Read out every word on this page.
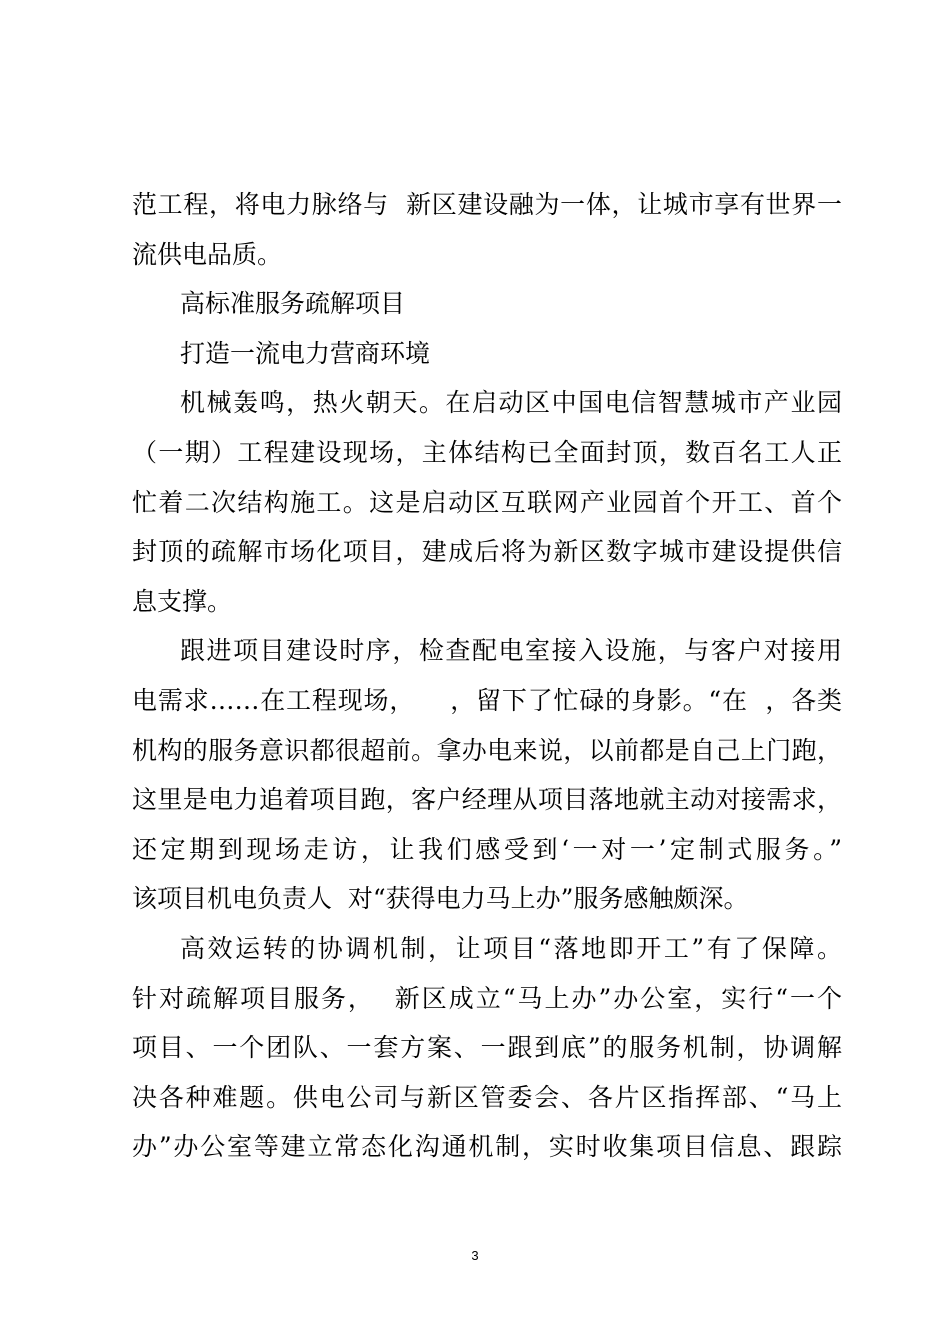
范工程，将电力脉络与  新区建设融为一体，让城市享有世界一
流供电品质。
高标准服务疏解项目
打造一流电力营商环境
机械轰鸣，热火朝天。在启动区中国电信智慧城市产业园
（一期）工程建设现场，主体结构已全面封顶，数百名工人正
忙着二次结构施工。这是启动区互联网产业园首个开工、首个
封顶的疏解市场化项目，建成后将为新区数字城市建设提供信
息支撑。
跟进项目建设时序，检查配电室接入设施，与客户对接用
电需求……在工程现场，    ，留下了忙碌的身影。“在  ，各类
机构的服务意识都很超前。拿办电来说，以前都是自己上门跑，
这里是电力追着项目跑，客户经理从项目落地就主动对接需求，
还定期到现场走访，让我们感受到‘一对一’定制式服务。”
该项目机电负责人  对“获得电力马上办”服务感触颇深。
高效运转的协调机制，让项目“落地即开工”有了保障。
针对疏解项目服务，  新区成立“马上办”办公室，实行“一个
项目、一个团队、一套方案、一跟到底”的服务机制，协调解
决各种难题。供电公司与新区管委会、各片区指挥部、“马上
办”办公室等建立常态化沟通机制，实时收集项目信息、跟踪
3
